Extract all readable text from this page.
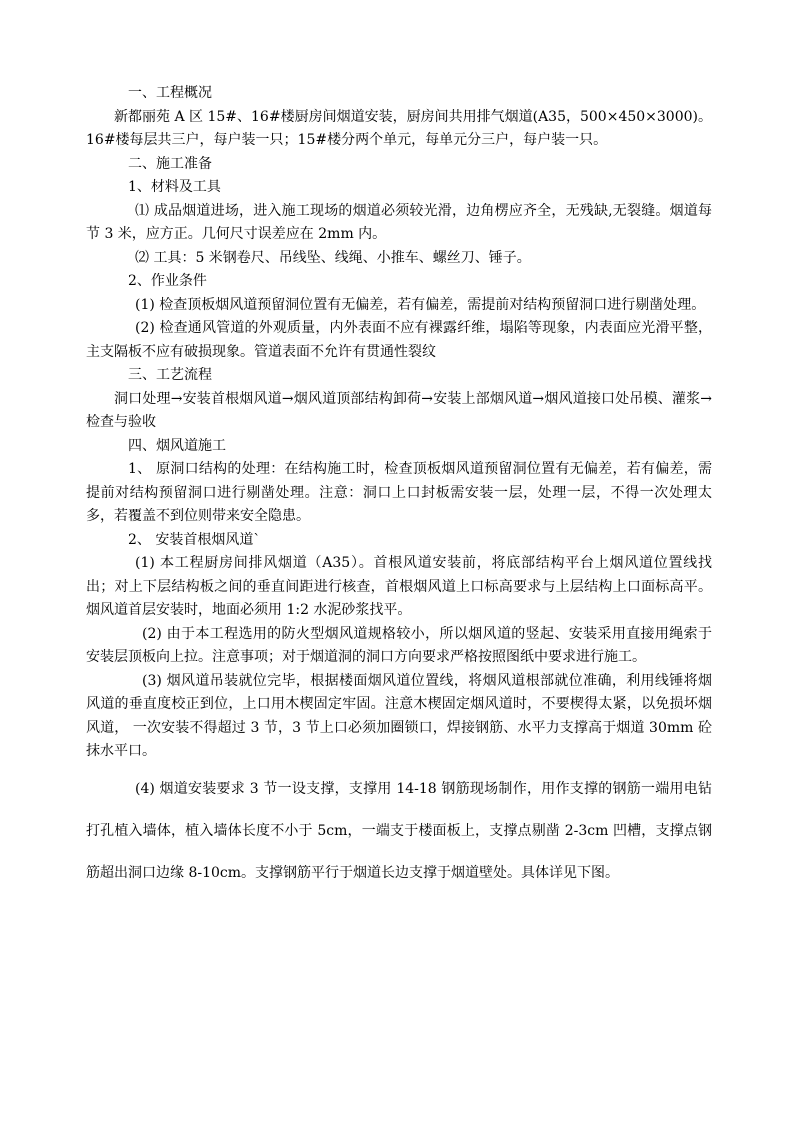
一、工程概况

新都丽苑 A 区 15#、16#楼厨房间烟道安装，厨房间共用排气烟道(A35，500×450×3000)。16#楼每层共三户，每户装一只；15#楼分两个单元，每单元分三户，每户装一只。

二、施工准备

1、材料及工具

⑴ 成品烟道进场，进入施工现场的烟道必须较光滑，边角楞应齐全，无残缺,无裂缝。烟道每节 3 米，应方正。几何尺寸误差应在 2mm 内。

⑵ 工具：5 米钢卷尺、吊线坠、线绳、小推车、螺丝刀、锤子。

2、作业条件

(1) 检查顶板烟风道预留洞位置有无偏差，若有偏差，需提前对结构预留洞口进行剔凿处理。

(2) 检查通风管道的外观质量，内外表面不应有裸露纤维，塌陷等现象，内表面应光滑平整，主支隔板不应有破损现象。管道表面不允许有贯通性裂纹

三、工艺流程

洞口处理→安装首根烟风道→烟风道顶部结构卸荷→安装上部烟风道→烟风道接口处吊模、灌浆→检查与验收

四、烟风道施工

1、 原洞口结构的处理：在结构施工时，检查顶板烟风道预留洞位置有无偏差，若有偏差，需提前对结构预留洞口进行剔凿处理。注意：洞口上口封板需安装一层，处理一层，不得一次处理太多，若覆盖不到位则带来安全隐患。

2、 安装首根烟风道`

(1) 本工程厨房间排风烟道（A35）。首根风道安装前，将底部结构平台上烟风道位置线找出；对上下层结构板之间的垂直间距进行核查，首根烟风道上口标高要求与上层结构上口面标高平。烟风道首层安装时，地面必须用 1:2 水泥砂浆找平。

(2) 由于本工程选用的防火型烟风道规格较小，所以烟风道的竖起、安装采用直接用绳索于安装层顶板向上拉。注意事项；对于烟道洞的洞口方向要求严格按照图纸中要求进行施工。

(3) 烟风道吊装就位完毕，根据楼面烟风道位置线，将烟风道根部就位准确，利用线锤将烟风道的垂直度校正到位，上口用木楔固定牢固。注意木楔固定烟风道时，不要楔得太紧，以免损坏烟风道， 一次安装不得超过 3 节，3 节上口必须加圈锁口，焊接钢筋、水平力支撑高于烟道 30mm 砼抹水平口。

(4) 烟道安装要求 3 节一设支撑，支撑用 14-18 钢筋现场制作，用作支撑的钢筋一端用电钻打孔植入墙体，植入墙体长度不小于 5cm，一端支于楼面板上，支撑点剔凿 2-3cm 凹槽，支撑点钢筋超出洞口边缘 8-10cm。支撑钢筋平行于烟道长边支撑于烟道壁处。具体详见下图。
